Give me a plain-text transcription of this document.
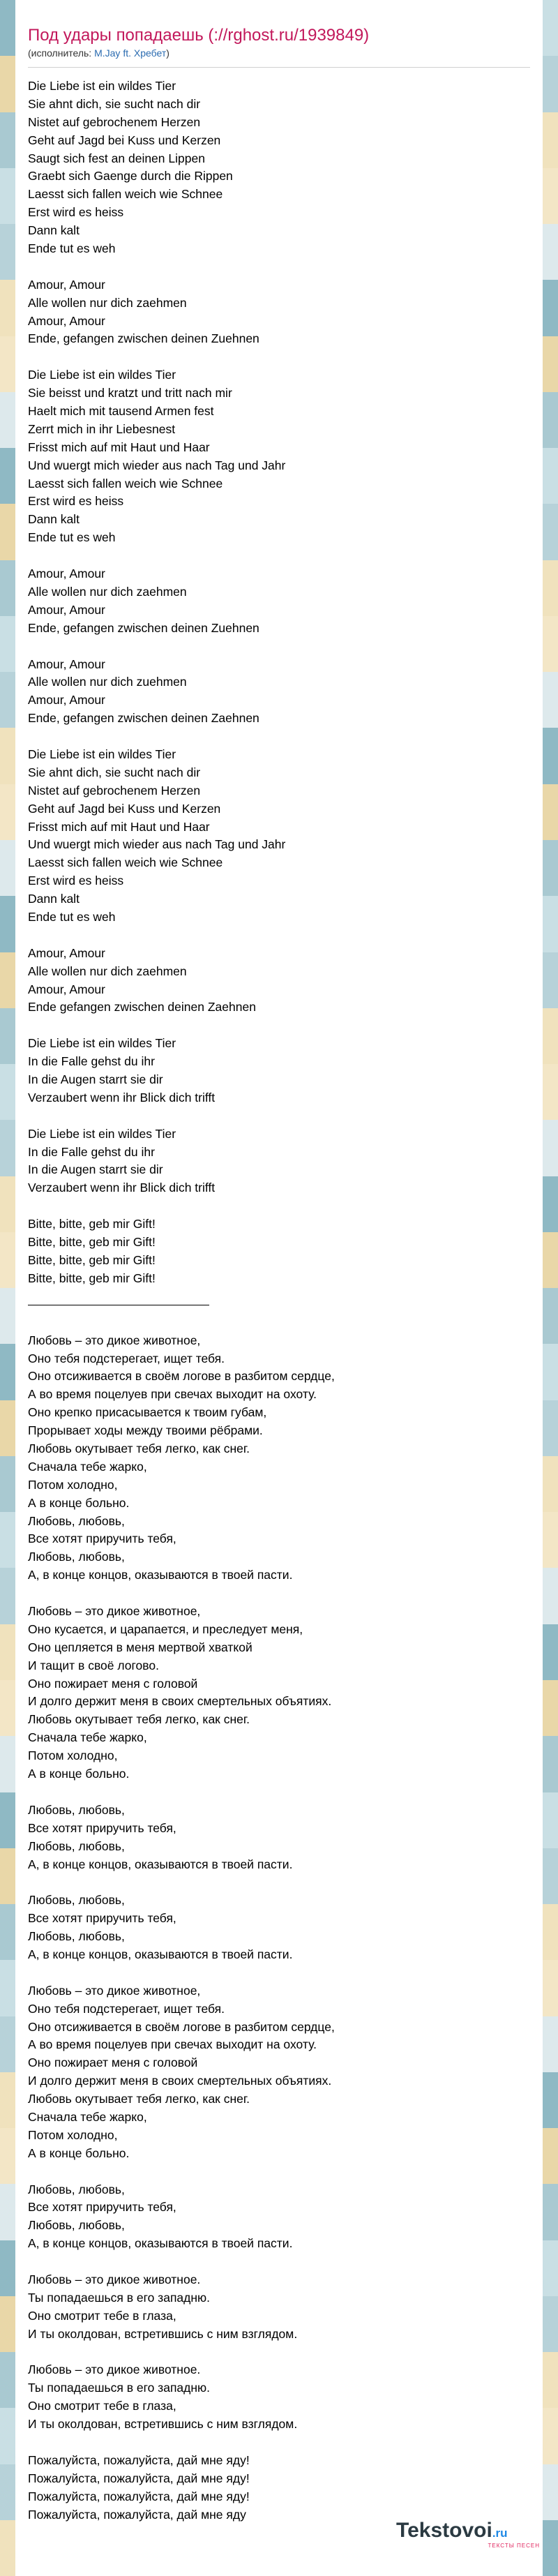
Под удары попадаешь (://rghost.ru/1939849)
(исполнитель: M.Jay ft. Хребет)
Die Liebe ist ein wildes Tier
Sie ahnt dich, sie sucht nach dir
Nistet auf gebrochenem Herzen
Geht auf Jagd bei Kuss und Kerzen
Saugt sich fest an deinen Lippen
Graebt sich Gaenge durch die Rippen
Laesst sich fallen weich wie Schnee
Erst wird es heiss
Dann kalt
Ende tut es weh
Amour, Amour
Alle wollen nur dich zaehmen
Amour, Amour
Ende, gefangen zwischen deinen Zuehnen
Die Liebe ist ein wildes Tier
Sie beisst und kratzt und tritt nach mir
Haelt mich mit tausend Armen fest
Zerrt mich in ihr Liebesnest
Frisst mich auf mit Haut und Haar
Und wuergt mich wieder aus nach Tag und Jahr
Laesst sich fallen weich wie Schnee
Erst wird es heiss
Dann kalt
Ende tut es weh
Amour, Amour
Alle wollen nur dich zaehmen
Amour, Amour
Ende, gefangen zwischen deinen Zuehnen
Amour, Amour
Alle wollen nur dich zuehmen
Amour, Amour
Ende, gefangen zwischen deinen Zaehnen
Die Liebe ist ein wildes Tier
Sie ahnt dich, sie sucht nach dir
Nistet auf gebrochenem Herzen
Geht auf Jagd bei Kuss und Kerzen
Frisst mich auf mit Haut und Haar
Und wuergt mich wieder aus nach Tag und Jahr
Laesst sich fallen weich wie Schnee
Erst wird es heiss
Dann kalt
Ende tut es weh
Amour, Amour
Alle wollen nur dich zaehmen
Amour, Amour
Ende gefangen zwischen deinen Zaehnen
Die Liebe ist ein wildes Tier
In die Falle gehst du ihr
In die Augen starrt sie dir
Verzaubert wenn ihr Blick dich trifft
Die Liebe ist ein wildes Tier
In die Falle gehst du ihr
In die Augen starrt sie dir
Verzaubert wenn ihr Blick dich trifft
Bitte, bitte, geb mir Gift!
Bitte, bitte, geb mir Gift!
Bitte, bitte, geb mir Gift!
Bitte, bitte, geb mir Gift!
Любовь – это дикое животное,
Оно тебя подстерегает, ищет тебя.
Оно отсиживается в своём логове в разбитом сердце,
А во время поцелуев при свечах выходит на охоту.
Оно крепко присасывается к твоим губам,
Прорывает ходы между твоими рёбрами.
Любовь окутывает тебя легко, как снег.
Сначала тебе жарко,
Потом холодно,
А в конце больно.
Любовь, любовь,
Все хотят приручить тебя,
Любовь, любовь,
А, в конце концов, оказываются в твоей пасти.
Любовь – это дикое животное,
Оно кусается, и царапается, и преследует меня,
Оно цепляется в меня мертвой хваткой
И тащит в своё логово.
Оно пожирает меня с головой
И долго держит меня в своих смертельных объятиях.
Любовь окутывает тебя легко, как снег.
Сначала тебе жарко,
Потом холодно,
А в конце больно.
Любовь, любовь,
Все хотят приручить тебя,
Любовь, любовь,
А, в конце концов, оказываются в твоей пасти.
Любовь, любовь,
Все хотят приручить тебя,
Любовь, любовь,
А, в конце концов, оказываются в твоей пасти.
Любовь – это дикое животное,
Оно тебя подстерегает, ищет тебя.
Оно отсиживается в своём логове в разбитом сердце,
А во время поцелуев при свечах выходит на охоту.
Оно пожирает меня с головой
И долго держит меня в своих смертельных объятиях.
Любовь окутывает тебя легко, как снег.
Сначала тебе жарко,
Потом холодно,
А в конце больно.
Любовь, любовь,
Все хотят приручить тебя,
Любовь, любовь,
А, в конце концов, оказываются в твоей пасти.
Любовь – это дикое животное.
Ты попадаешься в его западню.
Оно смотрит тебе в глаза,
И ты околдован, встретившись с ним взглядом.
Любовь – это дикое животное.
Ты попадаешься в его западню.
Оно смотрит тебе в глаза,
И ты околдован, встретившись с ним взглядом.
Пожалуйста, пожалуйста, дай мне яду!
Пожалуйста, пожалуйста, дай мне яду!
Пожалуйста, пожалуйста, дай мне яду!
Пожалуйста, пожалуйста, дай мне яду
Tekstovoi.ru
ТЕКСТЫ ПЕСЕН
